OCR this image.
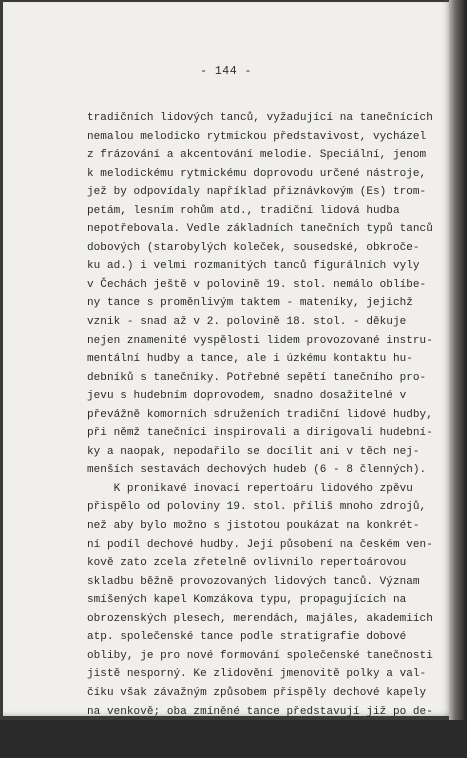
- 144 -

tradičních lidových tanců, vyžadující na tanečnících
nemalou melodicko rytmickou představivost, vycházel
z frázování a akcentování melodie. Speciální, jenom
k melodickému rytmickému doprovodu určené nástroje,
jež by odpovídaly například přiznávkovým (Es) trom-
petám, lesním rohům atd., tradiční lidová hudba
nepotřebovala. Vedle základních tanečních typů tanců
dobových (starobylých koleček, sousedské, obkroče-
ku ad.) i velmi rozmanitých tanců figurálních vyly
v Čechách ještě v polovině 19. stol. nemálo oblíbe-
ny tance s proměnlivým taktem - mateníky, jejichž
vznik - snad až v 2. polovině 18. stol. - děkuje
nejen znamenité vyspělosti lidem provozované instru-
mentální hudby a tance, ale i úzkému kontaktu hu-
debníků s tanečníky. Potřebné sepětí tanečního pro-
jevu s hudebním doprovodem, snadno dosažitelné v
převážně komorních sdruženích tradiční lidové hudby,
při němž tanečníci inspirovali a dirigovali hudební-
ky a naopak, nepodařilo se docílit ani v těch nej-
menších sestavách dechových hudeb (6 - 8 členných).
K pronikavé inovaci repertoáru lidového zpěvu
přispělo od poloviny 19. stol. příliš mnoho zdrojů,
než aby bylo možno s jistotou poukázat na konkrét-
ní podíl dechové hudby. Její působení na českém ven-
kově zato zcela zřetelně ovlivnilo repertoárovou
skladbu běžně provozovaných lidových tanců. Význam
smíšených kapel Komzákova typu, propagujících na
obrozenských plesech, merendách, majáles, akademiích
atp. společenské tance podle stratigrafie dobové
obliby, je pro nové formování společenské tanečnosti
jistě nesporný. Ke zlidovění jmenovitě polky a val-
číku však závažným způsobem přispěly dechové kapely
na venkově; oba zmíněné tance představují již po de-
sítiletí základ nejběžnějších tanečních skladeb (až
90 %). Vzhledem k vzrůstající oblibě obou tanečních
